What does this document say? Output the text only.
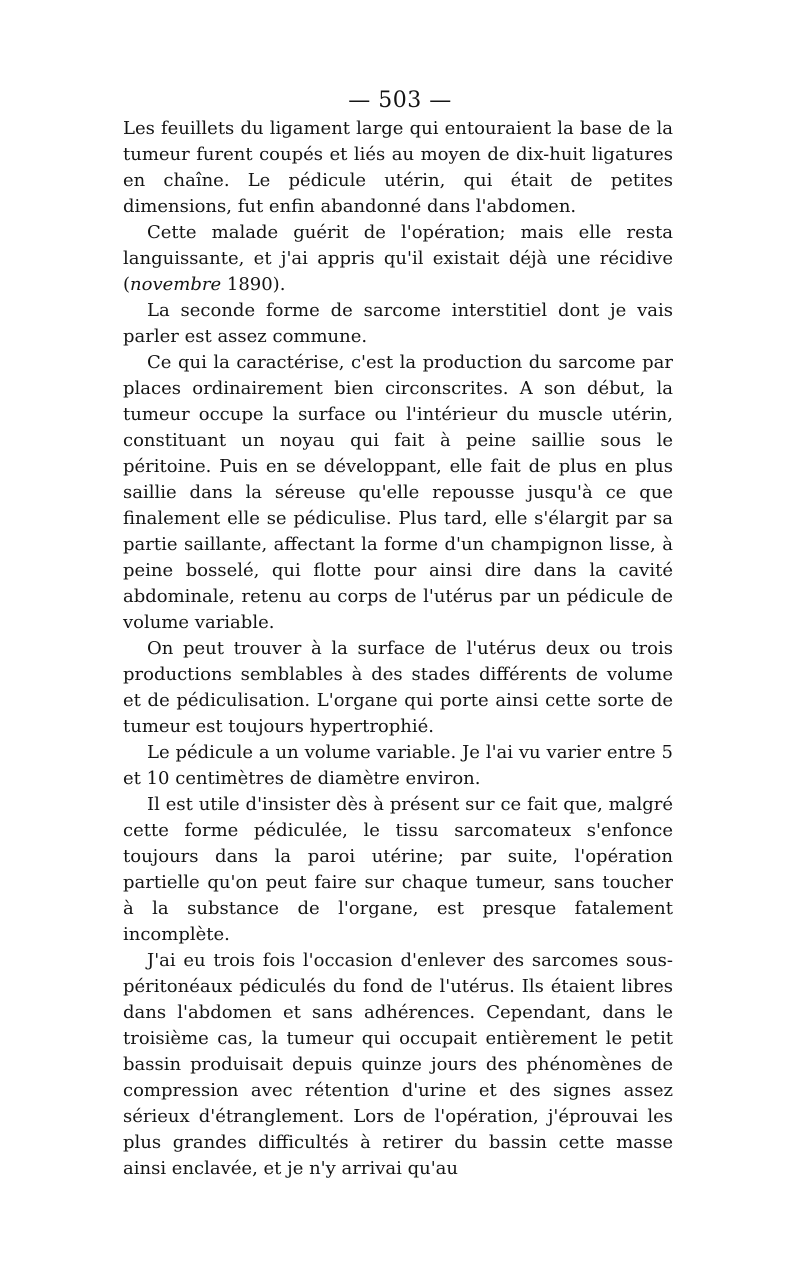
— 503 —

Les feuillets du ligament large qui entouraient la base de la tumeur furent coupés et liés au moyen de dix-huit ligatures en chaîne. Le pédicule utérin, qui était de petites dimensions, fut enfin abandonné dans l'abdomen.

Cette malade guérit de l'opération; mais elle resta languissante, et j'ai appris qu'il existait déjà une récidive (novembre 1890).

La seconde forme de sarcome interstitiel dont je vais parler est assez commune.

Ce qui la caractérise, c'est la production du sarcome par places ordinairement bien circonscrites. A son début, la tumeur occupe la surface ou l'intérieur du muscle utérin, constituant un noyau qui fait à peine saillie sous le péritoine. Puis en se développant, elle fait de plus en plus saillie dans la séreuse qu'elle repousse jusqu'à ce que finalement elle se pédiculise. Plus tard, elle s'élargit par sa partie saillante, affectant la forme d'un champignon lisse, à peine bosselé, qui flotte pour ainsi dire dans la cavité abdominale, retenu au corps de l'utérus par un pédicule de volume variable.

On peut trouver à la surface de l'utérus deux ou trois productions semblables à des stades différents de volume et de pédiculisation. L'organe qui porte ainsi cette sorte de tumeur est toujours hypertrophié.

Le pédicule a un volume variable. Je l'ai vu varier entre 5 et 10 centimètres de diamètre environ.

Il est utile d'insister dès à présent sur ce fait que, malgré cette forme pédiculée, le tissu sarcomateux s'enfonce toujours dans la paroi utérine; par suite, l'opération partielle qu'on peut faire sur chaque tumeur, sans toucher à la substance de l'organe, est presque fatalement incomplète.

J'ai eu trois fois l'occasion d'enlever des sarcomes sous-péritonéaux pédiculés du fond de l'utérus. Ils étaient libres dans l'abdomen et sans adhérences. Cependant, dans le troisième cas, la tumeur qui occupait entièrement le petit bassin produisait depuis quinze jours des phénomènes de compression avec rétention d'urine et des signes assez sérieux d'étranglement. Lors de l'opération, j'éprouvai les plus grandes difficultés à retirer du bassin cette masse ainsi enclavée, et je n'y arrivai qu'au
